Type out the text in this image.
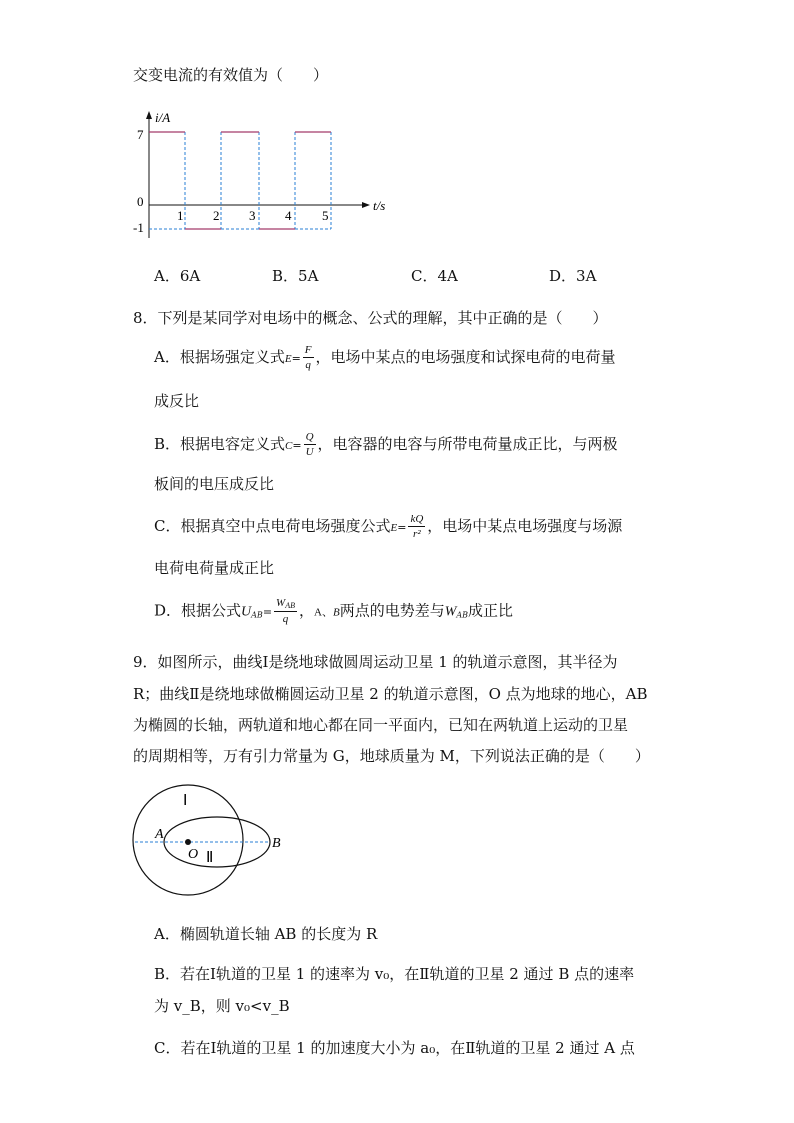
交变电流的有效值为（　　）
i/A
t/s
7
0
-1
1 2 3 4 5
A．6A	B．5A	C．4A	D．3A
8．下列是某同学对电场中的概念、公式的理解，其中正确的是（　　）
A．根据场强定义式$E= \frac{F}{q}$ ，电场中某点的电场强度和试探电荷的电荷量
成反比
B．根据电容定义式$C= \frac{Q}{U}$ ，电容器的电容与所带电荷量成正比，与两极
板间的电压成反比
C．根据真空中点电荷电场强度公式$E= \frac{kQ}{\text{r²}}$ ，电场中某点电场强度与场源
电荷电荷量成正比
D．根据公式$U_{AB}= \frac{W_{AB}}{q}$ ，A、B两点的电势差与$W_{AB}$成正比
9．如图所示，曲线Ⅰ是绕地球做圆周运动卫星 1 的轨道示意图，其半径为
R；曲线Ⅱ是绕地球做椭圆运动卫星 2 的轨道示意图，O 点为地球的地心，AB
为椭圆的长轴，两轨道和地心都在同一平面内，已知在两轨道上运动的卫星
的周期相等，万有引力常量为 G，地球质量为 M，下列说法正确的是（　　）
Ⅰ
Ⅱ
A
B
O
A．椭圆轨道长轴 AB 的长度为 R
B．若在Ⅰ轨道的卫星 1 的速率为 v₀，在Ⅱ轨道的卫星 2 通过 B 点的速率
为 v_B，则 v₀<v_B
C．若在Ⅰ轨道的卫星 1 的加速度大小为 a₀，在Ⅱ轨道的卫星 2 通过 A 点
